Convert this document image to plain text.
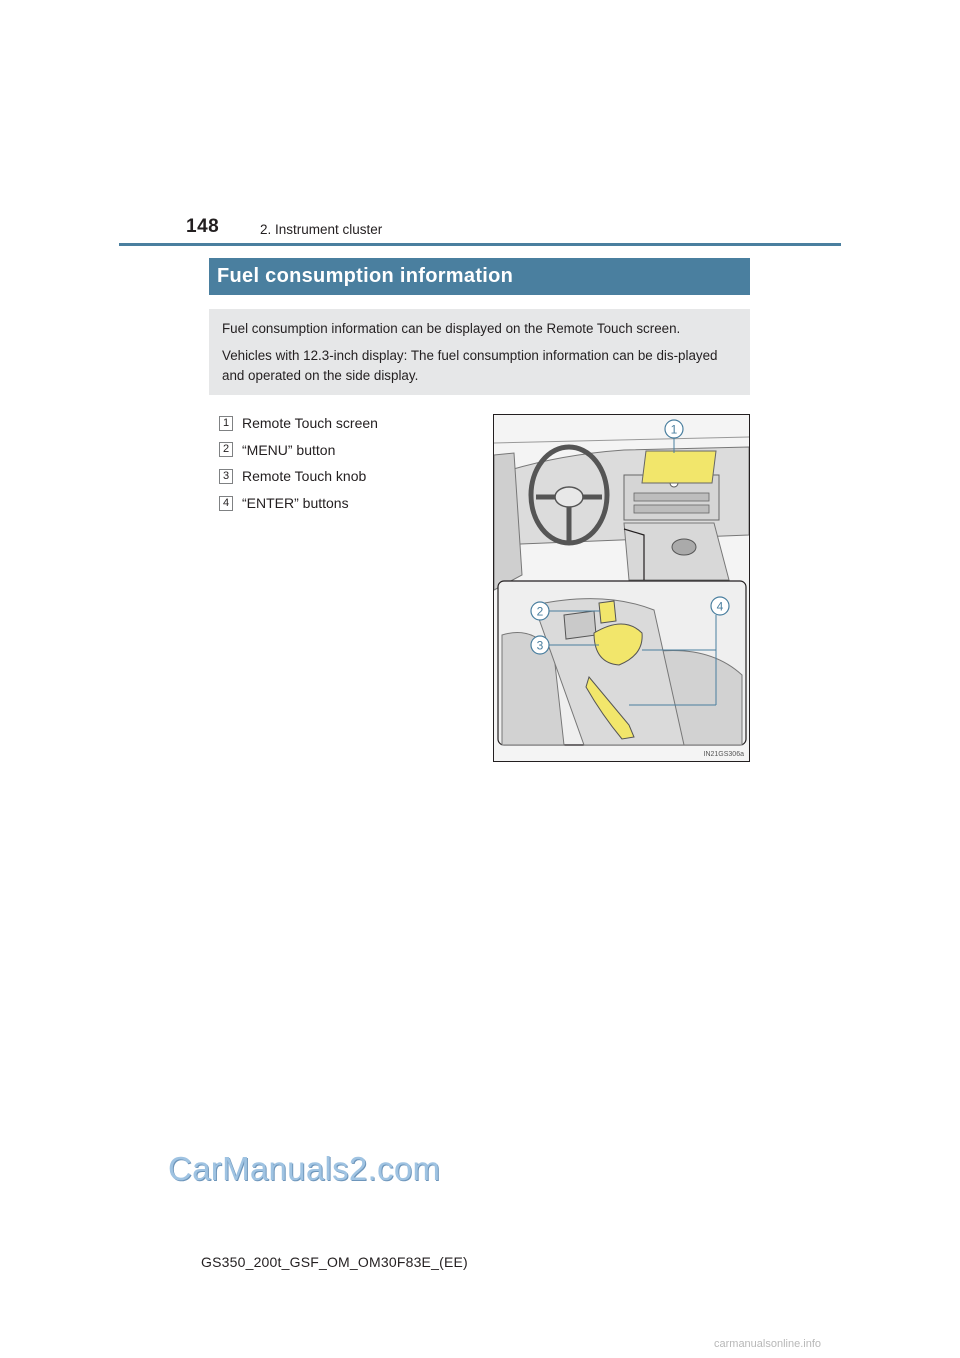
148	2. Instrument cluster
Fuel consumption information

Fuel consumption information can be displayed on the Remote Touch screen.

Vehicles with 12.3-inch display: The fuel consumption information can be dis-played and operated on the side display.

1 Remote Touch screen
2 “MENU” button
3 Remote Touch knob
4 “ENTER” buttons
1
2
3
4
IN21GS306a
CarManuals2.com
GS350_200t_GSF_OM_OM30F83E_(EE)
carmanualsonline.info
